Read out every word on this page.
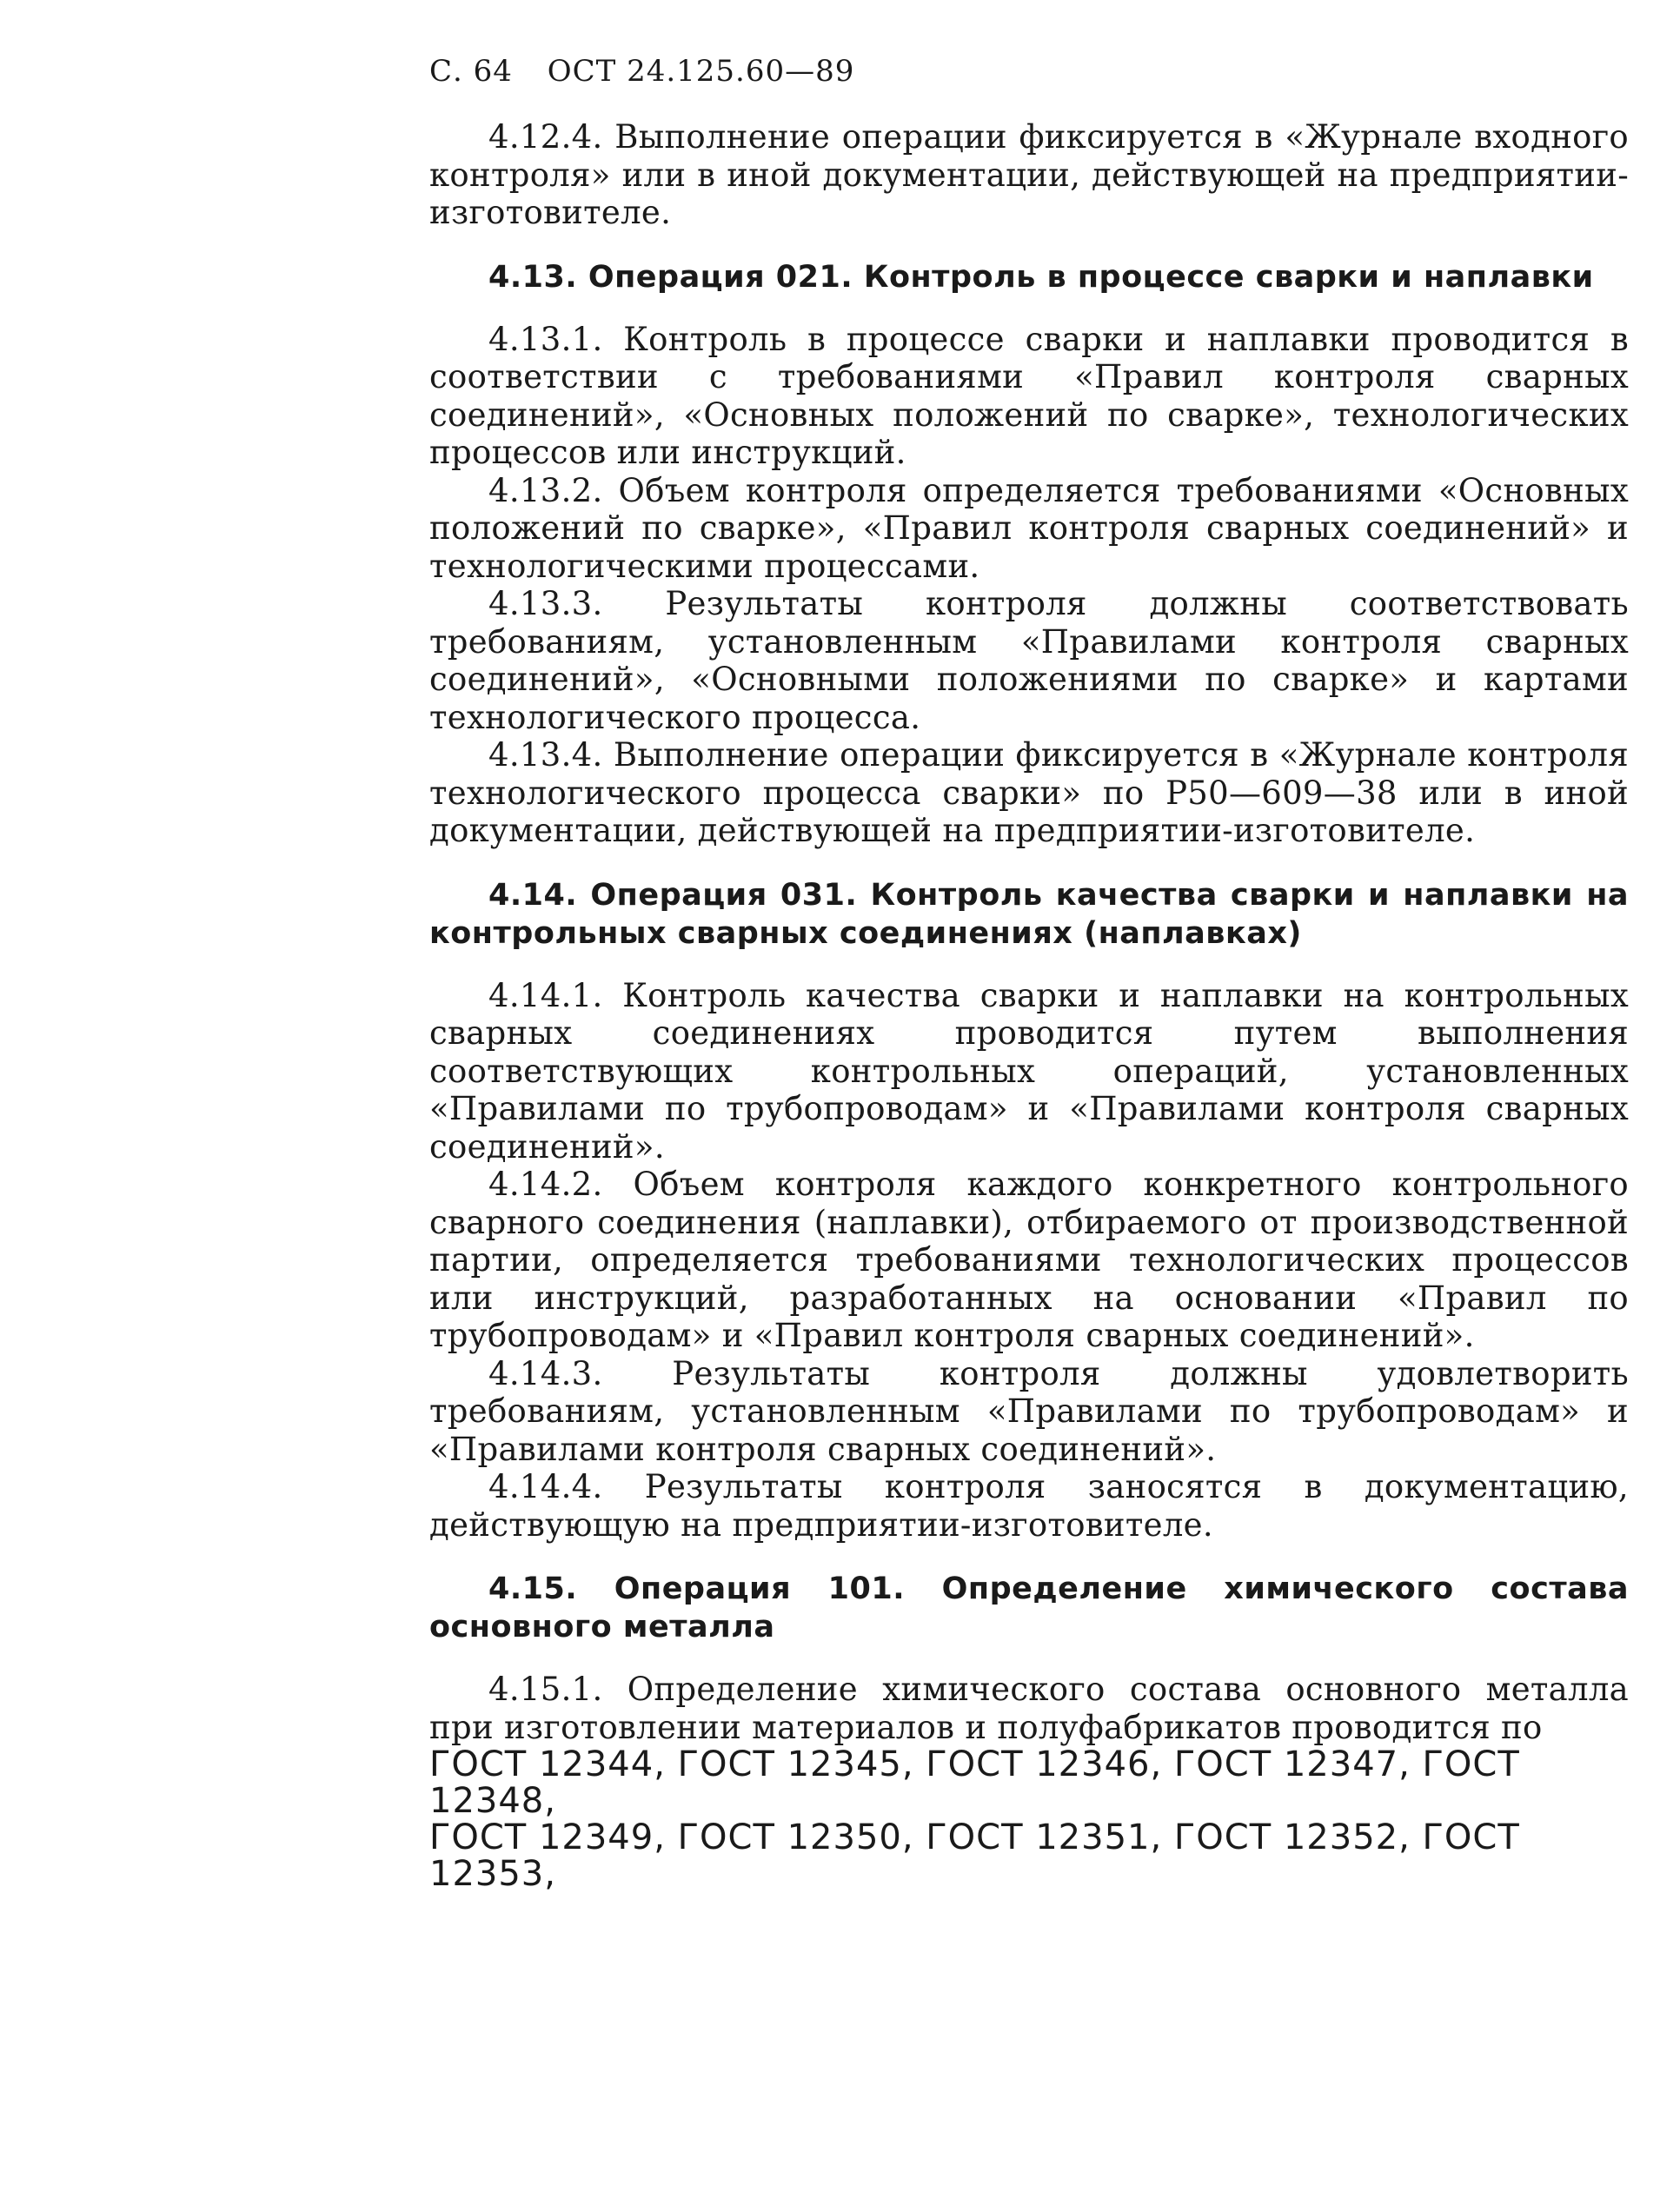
С. 64 ОСТ 24.125.60—89

4.12.4. Выполнение операции фиксируется в «Журнале входного контроля» или в иной документации, действующей на предприятии-изготовителе.

4.13. Операция 021. Контроль в процессе сварки и наплавки

4.13.1. Контроль в процессе сварки и наплавки проводится в соответствии с требованиями «Правил контроля сварных соединений», «Основных положений по сварке», технологических процессов или инструкций.

4.13.2. Объем контроля определяется требованиями «Основных положений по сварке», «Правил контроля сварных соединений» и технологическими процессами.

4.13.3. Результаты контроля должны соответствовать требованиям, установленным «Правилами контроля сварных соединений», «Основными положениями по сварке» и картами технологического процесса.

4.13.4. Выполнение операции фиксируется в «Журнале контроля технологического процесса сварки» по Р50—609—38 или в иной документации, действующей на предприятии-изготовителе.

4.14. Операция 031. Контроль качества сварки и наплавки на контрольных сварных соединениях (наплавках)

4.14.1. Контроль качества сварки и наплавки на контрольных сварных соединениях проводится путем выполнения соответствующих контрольных операций, установленных «Правилами по трубопроводам» и «Правилами контроля сварных соединений».

4.14.2. Объем контроля каждого конкретного контрольного сварного соединения (наплавки), отбираемого от производственной партии, определяется требованиями технологических процессов или инструкций, разработанных на основании «Правил по трубопроводам» и «Правил контроля сварных соединений».

4.14.3. Результаты контроля должны удовлетворить требованиям, установленным «Правилами по трубопроводам» и «Правилами контроля сварных соединений».

4.14.4. Результаты контроля заносятся в документацию, действующую на предприятии-изготовителе.

4.15. Операция 101. Определение химического состава основного металла

4.15.1. Определение химического состава основного металла при изготовлении материалов и полуфабрикатов проводится по

ГОСТ 12344, ГОСТ 12345, ГОСТ 12346, ГОСТ 12347, ГОСТ 12348,

ГОСТ 12349, ГОСТ 12350, ГОСТ 12351, ГОСТ 12352, ГОСТ 12353,
